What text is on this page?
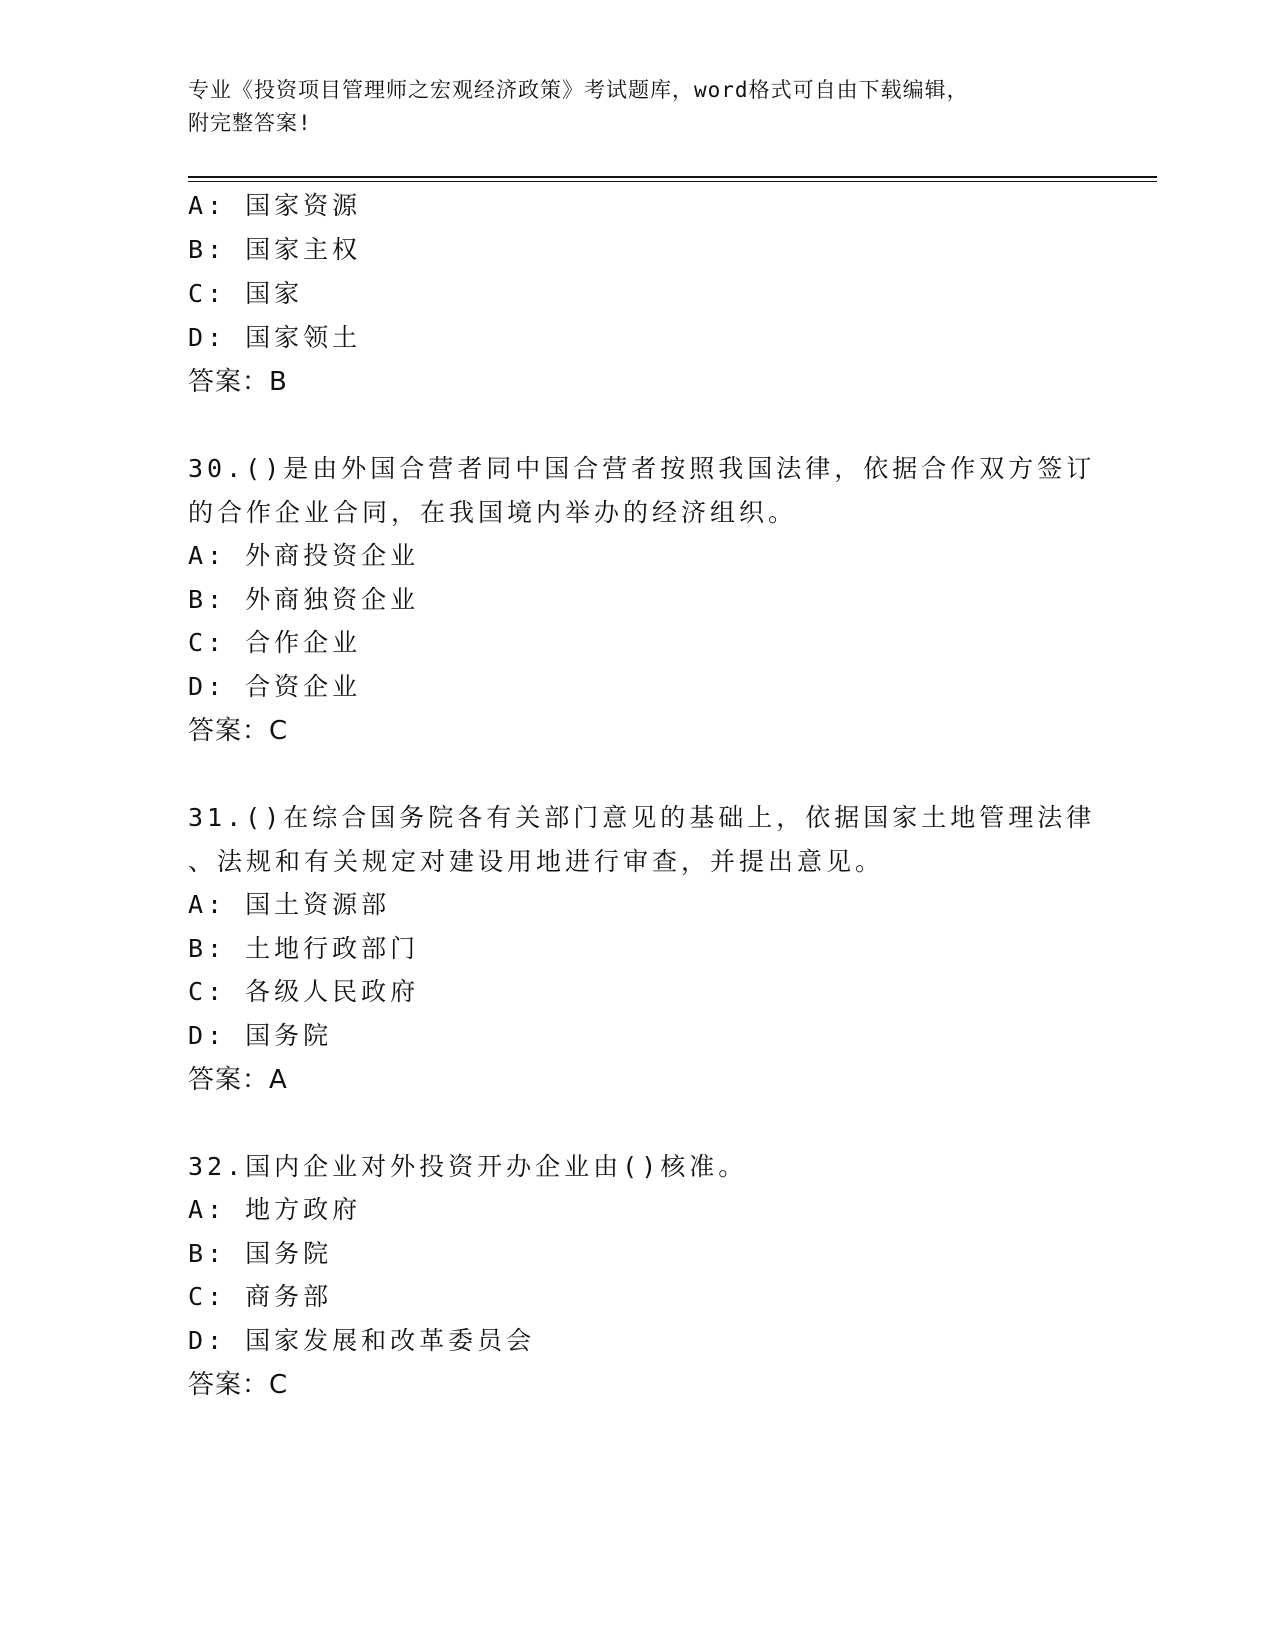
专业《投资项目管理师之宏观经济政策》考试题库，word格式可自由下载编辑，
附完整答案!
A: 国家资源
B: 国家主权
C: 国家
D: 国家领土
答案：B
30.()是由外国合营者同中国合营者按照我国法律，依据合作双方签订
的合作企业合同，在我国境内举办的经济组织。
A: 外商投资企业
B: 外商独资企业
C: 合作企业
D: 合资企业
答案：C
31.()在综合国务院各有关部门意见的基础上，依据国家土地管理法律
、法规和有关规定对建设用地进行审查，并提出意见。
A: 国土资源部
B: 土地行政部门
C: 各级人民政府
D: 国务院
答案：A
32.国内企业对外投资开办企业由()核准。
A: 地方政府
B: 国务院
C: 商务部
D: 国家发展和改革委员会
答案：C
